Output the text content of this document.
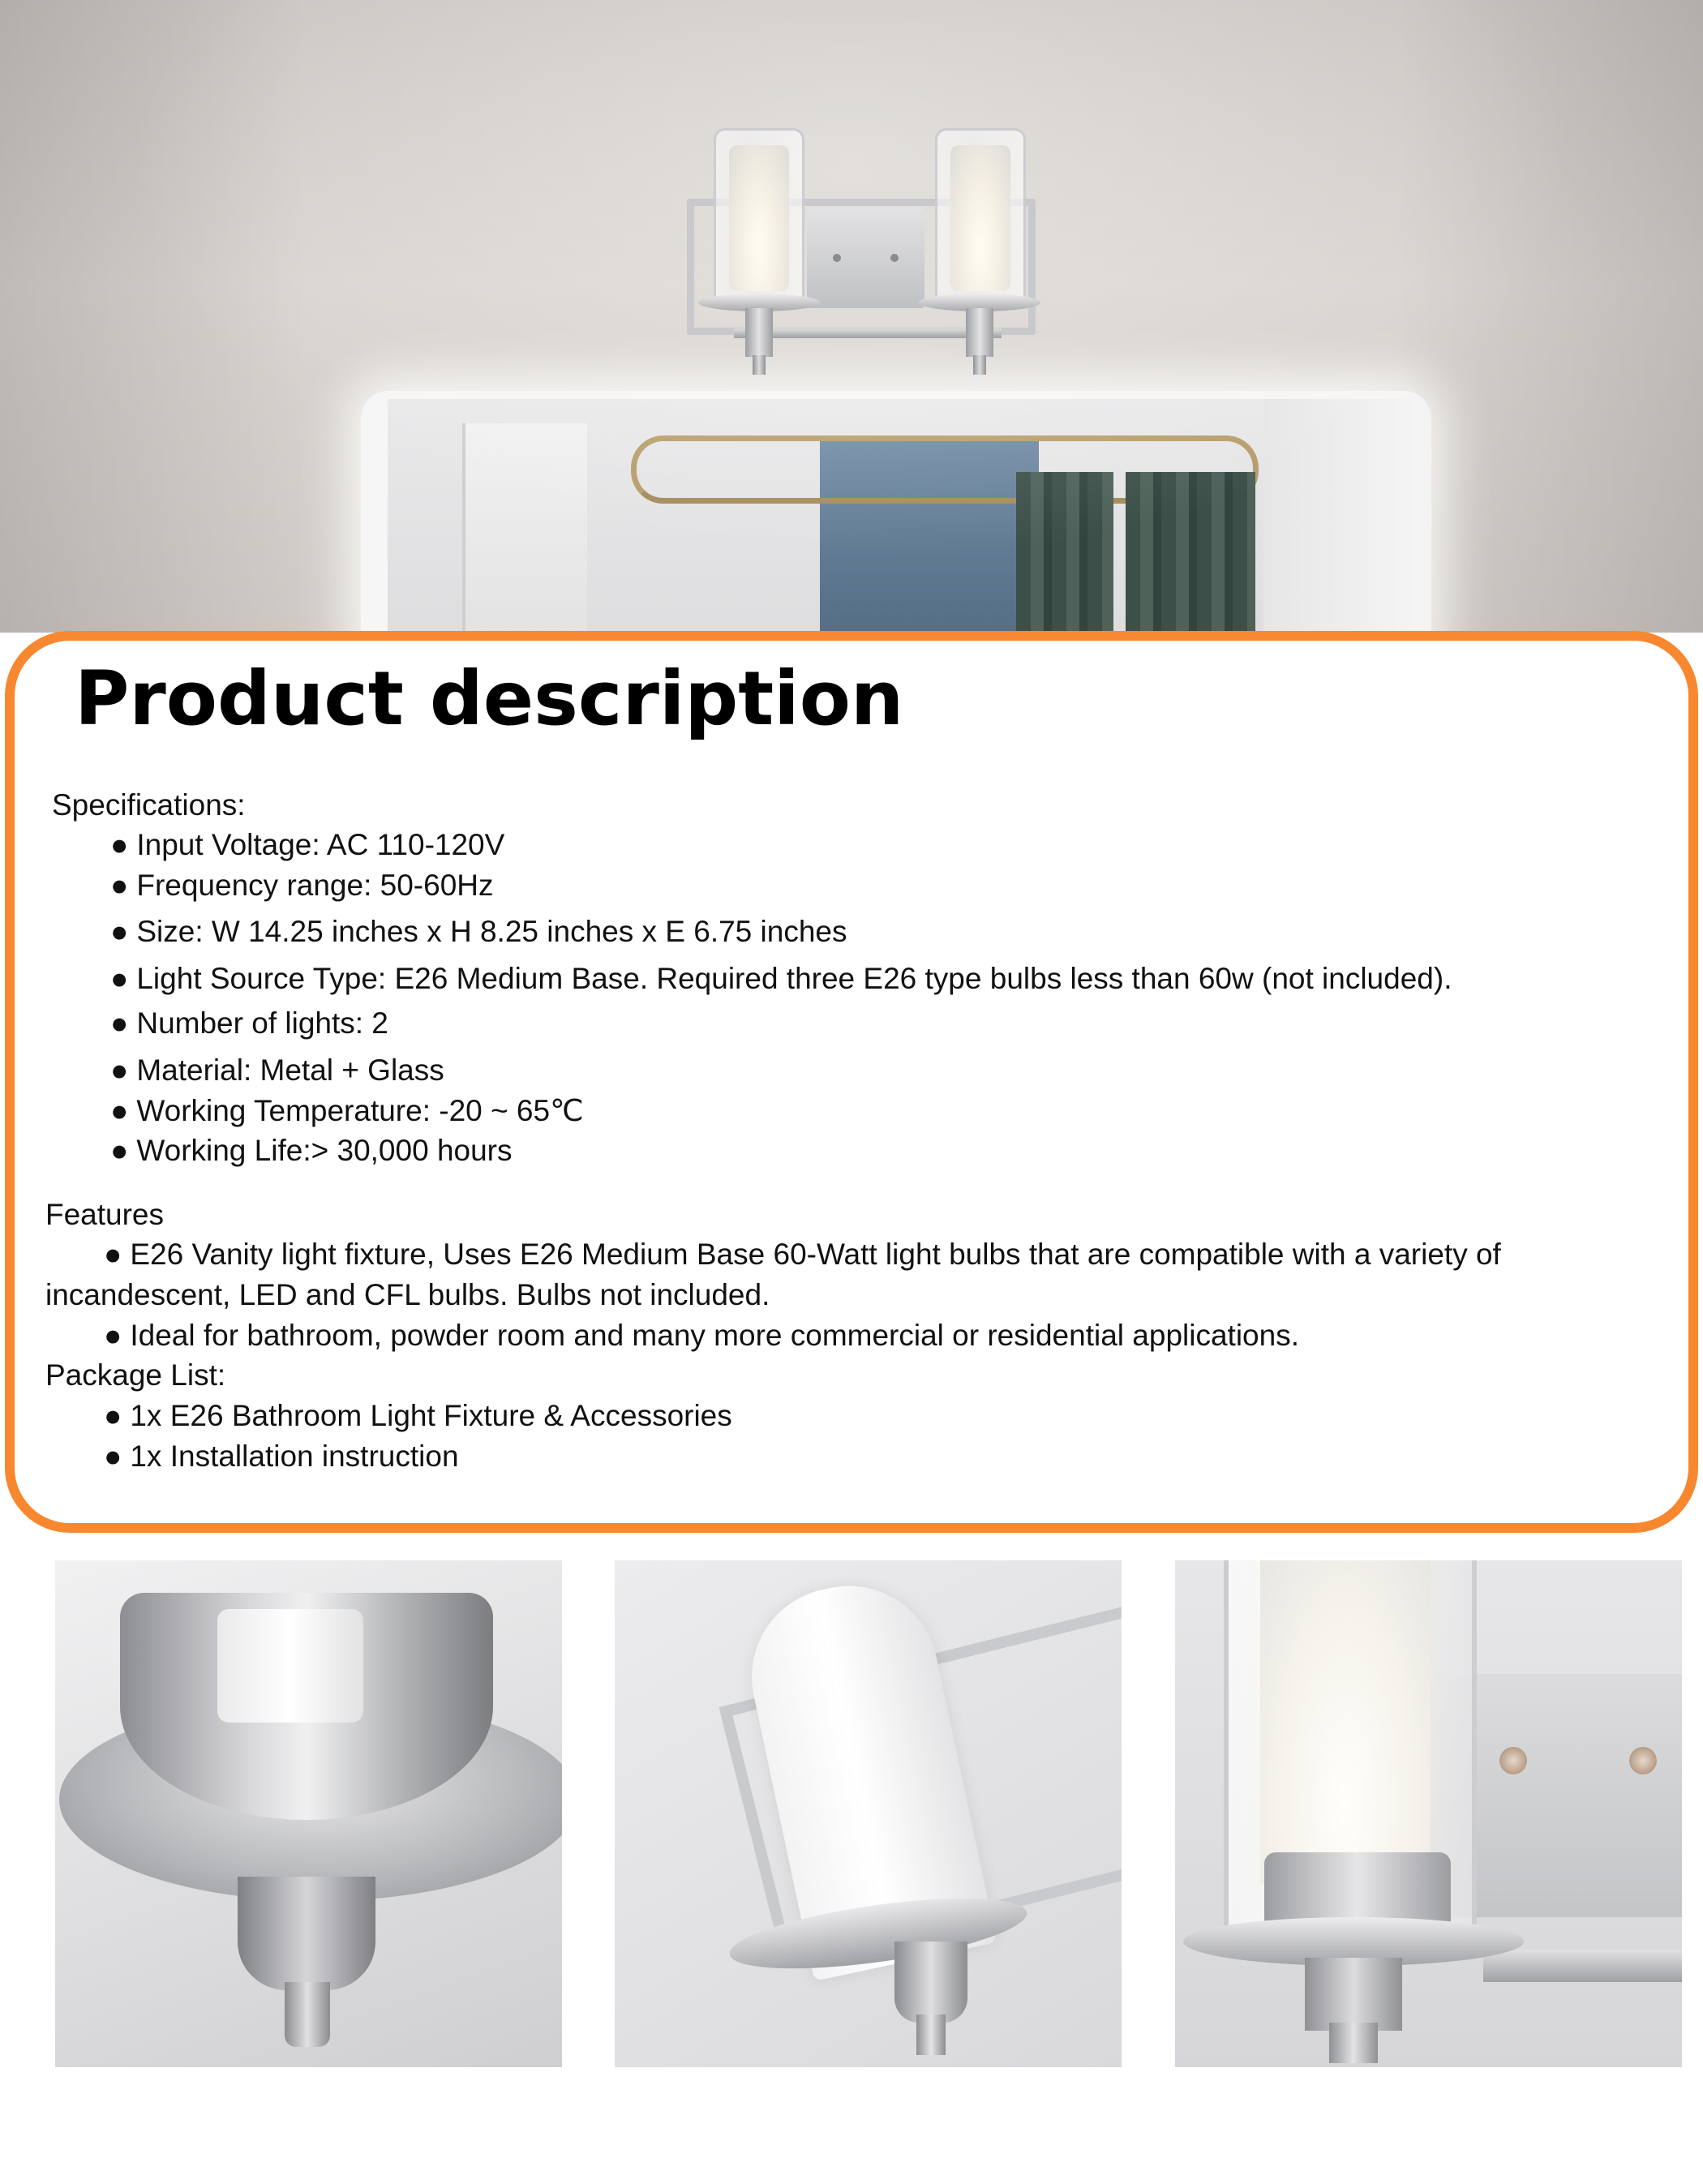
Product description
Specifications:
● Input Voltage: AC 110-120V
● Frequency range: 50-60Hz
● Size: W 14.25 inches x H 8.25 inches x E 6.75 inches
● Light Source Type: E26 Medium Base. Required three E26 type bulbs less than 60w (not included).
● Number of lights: 2
● Material: Metal + Glass
● Working Temperature: -20 ~ 65℃
● Working Life:> 30,000 hours
Features
● E26 Vanity light fixture, Uses E26 Medium Base 60-Watt light bulbs that are compatible with a variety of
incandescent, LED and CFL bulbs. Bulbs not included.
● Ideal for bathroom, powder room and many more commercial or residential applications.
Package List:
● 1x E26 Bathroom Light Fixture & Accessories
● 1x Installation instruction
